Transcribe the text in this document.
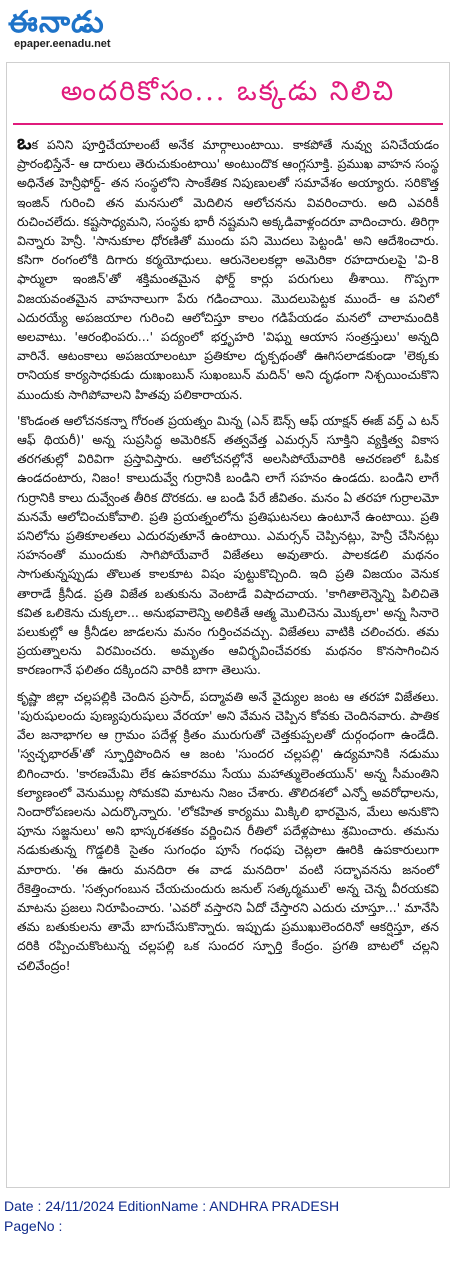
ఈనాడు
epaper.eenadu.net
అందరికోసం... ఒక్కడు నిలిచి

ఒక పనిని పూర్తిచేయాలంటే అనేక మార్గాలుంటాయి. కాకపోతే నువ్వు పనిచేయడం ప్రారంభిస్తేనే- ఆ దారులు తెరుచుకుంటాయి' అంటుందొక ఆంగ్లసూక్తి. ప్రముఖ వాహన సంస్థ అధినేత హెన్రీఫోర్డ్- తన సంస్థలోని సాంకేతిక నిపుణులతో సమావేశం అయ్యారు. సరికొత్త ఇంజిన్ గురించి తన మనసులో మెదిలిన ఆలోచనను వివరించారు. అది ఎవరికీ రుచించలేదు. కష్టసాధ్యమని, సంస్థకు భారీ నష్టమని అక్కడివాళ్లందరూ వాదించారు. తిరిగ్గా విన్నారు హెన్రీ. 'సానుకూల ధోరణితో ముందు పని మొదలు పెట్టండి' అని ఆదేశించారు. కసిగా రంగంలోకి దిగారు కర్మయోధులు. ఆరునెలలకల్లా అమెరికా రహదారులపై 'వి-8 ఫార్ములా ఇంజిన్'తో శక్తిమంతమైన ఫోర్డ్ కార్లు పరుగులు తీశాయి. గొప్పగా విజయవంతమైన వాహనాలుగా పేరు గడించాయి. మొదలుపెట్టక ముందే- ఆ పనిలో ఎదురయ్యే అపజయాల గురించి ఆలోచిస్తూ కాలం గడిపేయడం మనలో చాలామందికి అలవాటు. 'ఆరంభింపరు...' పద్యంలో భర్తృహరి 'విఘ్న ఆయాస సంత్రస్తులు' అన్నది వారినే. ఆటంకాలు అపజయాలంటూ ప్రతికూల దృక్పథంతో ఊగిసలాడకుండా 'లెక్కకు రానియక కార్యసాధకుడు దుఃఖంబున్ సుఖంబున్ మదిన్' అని దృఢంగా నిశ్చయించుకొని ముందుకు సాగిపోవాలని హితవు పలికారాయన.

'కొండంత ఆలోచనకన్నా గోరంత ప్రయత్నం మిన్న (ఎన్ ఔన్స్ ఆఫ్ యాక్షన్ ఈజ్ వర్త్ ఎ టన్ ఆఫ్ థియరీ)' అన్న సుప్రసిద్ధ అమెరికన్ తత్వవేత్త ఎమర్సన్ సూక్తిని వ్యక్తిత్వ వికాస తరగతుల్లో విరివిగా ప్రస్తావిస్తారు. ఆలోచనల్లోనే అలసిపోయేవారికి ఆచరణలో ఓపిక ఉండదంటారు, నిజం! కాలుదువ్వే గుర్రానికి బండిని లాగే సహనం ఉండదు. బండిని లాగే గుర్రానికి కాలు దువ్వేంత తీరిక దొరకదు. ఆ బండి పేరే జీవితం. మనం ఏ తరహా గుర్రాలమో మనమే ఆలోచించుకోవాలి. ప్రతి ప్రయత్నంలోను ప్రతిఘటనలు ఉంటూనే ఉంటాయి. ప్రతి పనిలోను ప్రతికూలతలు ఎదురవుతూనే ఉంటాయి. ఎమర్సన్ చెప్పినట్లు, హెన్రీ చేసినట్లు సహనంతో ముందుకు సాగిపోయేవారే విజేతలు అవుతారు. పాలకడలి మథనం సాగుతున్నప్పుడు తొలుత కాలకూట విషం పుట్టుకొచ్చింది. ఇది ప్రతి విజయం వెనుక తారాడే క్రీనీడ. ప్రతి విజేత బతుకును వెంటాడే విషాదచాయ. 'కాగితాలెన్నెన్ని పిలిచితె కవిత ఒలికెను చుక్కలా... అనుభవాలెన్ని అలికితే ఆత్మ మొలిచెను మొక్కలా' అన్న సినారె పలుకుల్లో ఆ క్రీనీడల జాడలను మనం గుర్తించవచ్చు. విజేతలు వాటికి చలించరు. తమ ప్రయత్నాలను విరమించరు. అమృతం ఆవిర్భవించేవరకు మథనం కొనసాగించిన కారణంగానే ఫలితం దక్కిందని వారికి బాగా తెలుసు.

కృష్ణా జిల్లా చల్లపల్లికి చెందిన ప్రసాద్, పద్మావతి అనే వైద్యుల జంట ఆ తరహా విజేతలు. 'పురుషులందు పుణ్యపురుషులు వేరయా' అని వేమన చెప్పిన కోవకు చెందినవారు. పాతిక వేల జనాభాగల ఆ గ్రామం పదేళ్ల క్రితం మురుగుతో చెత్తకుప్పలతో దుర్గంధంగా ఉండేది. 'స్వచ్ఛభారత్'తో స్ఫూర్తిపొందిన ఆ జంట 'సుందర చల్లపల్లి' ఉద్యమానికి నడుము బిగించారు. 'కారణమేమి లేక ఉపకారము సేయు మహాత్ములెంతయున్' అన్న సీమంతిని కల్యాణంలో వెనుముల్ల సోమకవి మాటను నిజం చేశారు. తొలిదశలో ఎన్నో అవరోధాలను, నిందారోపణలను ఎదుర్కొన్నారు. 'లోకహిత కార్యము మిక్కిలి భారమైన, మేలు అనుకొని పూను సజ్జనులు' అని భాస్కరశతకం వర్ణించిన రీతిలో పదేళ్లపాటు శ్రమించారు. తమను నడుకుతున్న గొడ్డలికి సైతం సుగంధం పూసే గంధపు చెట్లలా ఊరికి ఉపకారులుగా మారారు. 'ఈ ఊరు మనదిరా ఈ వాడ మనదిరా' వంటి సద్భావనను జనంలో రేకెత్తించారు. 'సత్సంగంబున చేయచుందురు జనుల్ సత్కర్మముల్' అన్న చెన్న వీరయకవి మాటను ప్రజలు నిరూపించారు. 'ఎవరో వస్తారని ఏదో చేస్తారని ఎదురు చూస్తూ...' మానేసి తమ బతుకులను తామే బాగుచేసుకొన్నారు. ఇప్పుడు ప్రముఖులెందరినో ఆకర్షిస్తూ, తన దరికి రప్పించుకొంటున్న చల్లపల్లి ఒక సుందర స్ఫూర్తి కేంద్రం. ప్రగతి బాటలో చల్లని చలివేంద్రం!

Date : 24/11/2024 EditionName : ANDHRA PRADESH
PageNo :
